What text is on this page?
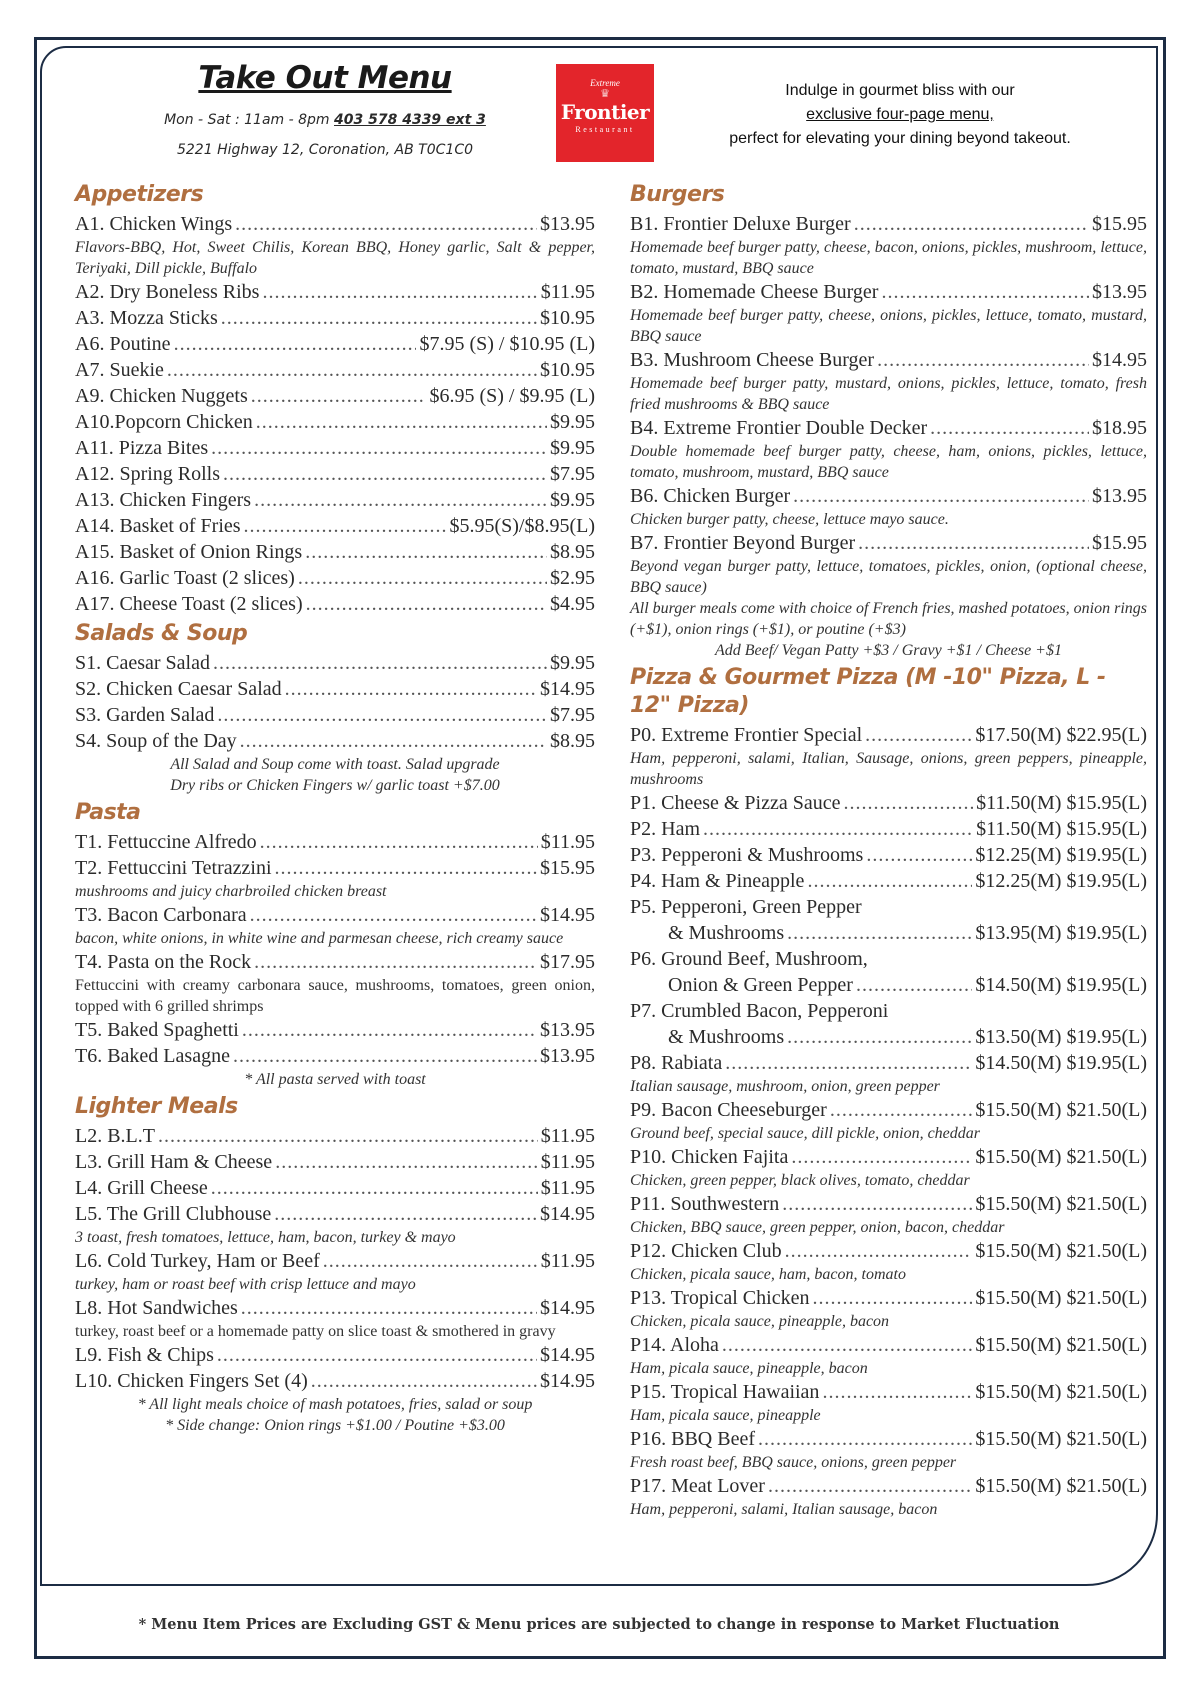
Take Out Menu
Mon - Sat : 11am - 8pm 403 578 4339 ext 3
5221 Highway 12, Coronation, AB T0C1C0
Extreme
♛
Frontier
Restaurant
Indulge in gourmet bliss with our
exclusive four-page menu,
perfect for elevating your dining beyond takeout.
Appetizers
A1. Chicken Wings .....	$13.95
Flavors-BBQ, Hot, Sweet Chilis, Korean BBQ, Honey garlic, Salt & pepper, Teriyaki, Dill pickle, Buffalo
A2. Dry Boneless Ribs .....	$11.95
A3. Mozza Sticks .....	$10.95
A6. Poutine .....	$7.95 (S) / $10.95 (L)
A7. Suekie .....	$10.95
A9. Chicken Nuggets .....	$6.95 (S) / $9.95 (L)
A10.Popcorn Chicken .....	$9.95
A11. Pizza Bites .....	$9.95
A12. Spring Rolls .....	$7.95
A13. Chicken Fingers .....	$9.95
A14. Basket of Fries .....	$5.95(S)/$8.95(L)
A15. Basket of Onion Rings .....	$8.95
A16. Garlic Toast (2 slices) .....	$2.95
A17. Cheese Toast (2 slices) .....	$4.95
Salads & Soup
S1. Caesar Salad .....	$9.95
S2. Chicken Caesar Salad .....	$14.95
S3. Garden Salad .....	$7.95
S4. Soup of the Day .....	$8.95
All Salad and Soup come with toast. Salad upgrade
Dry ribs or Chicken Fingers w/ garlic toast +$7.00
Pasta
T1. Fettuccine Alfredo .....	$11.95
T2. Fettuccini Tetrazzini .....	$15.95
mushrooms and juicy charbroiled chicken breast
T3. Bacon Carbonara .....	$14.95
bacon, white onions, in white wine and parmesan cheese, rich creamy sauce
T4. Pasta on the Rock .....	$17.95
Fettuccini with creamy carbonara sauce, mushrooms, tomatoes, green onion, topped with 6 grilled shrimps
T5. Baked Spaghetti .....	$13.95
T6. Baked Lasagne .....	$13.95
* All pasta served with toast
Lighter Meals
L2. B.L.T .....	$11.95
L3. Grill Ham & Cheese .....	$11.95
L4. Grill Cheese .....	$11.95
L5. The Grill Clubhouse .....	$14.95
3 toast, fresh tomatoes, lettuce, ham, bacon, turkey & mayo
L6. Cold Turkey, Ham or Beef .....	$11.95
turkey, ham or roast beef with crisp lettuce and mayo
L8. Hot Sandwiches .....	$14.95
turkey, roast beef or a homemade patty on slice toast & smothered in gravy
L9. Fish & Chips .....	$14.95
L10. Chicken Fingers Set (4) .....	$14.95
* All light meals choice of mash potatoes, fries, salad or soup
* Side change: Onion rings +$1.00 / Poutine +$3.00
Burgers
B1. Frontier Deluxe Burger .....	$15.95
Homemade beef burger patty, cheese, bacon, onions, pickles, mushroom, lettuce, tomato, mustard, BBQ sauce
B2. Homemade Cheese Burger .....	$13.95
Homemade beef burger patty, cheese, onions, pickles, lettuce, tomato, mustard, BBQ sauce
B3. Mushroom Cheese Burger .....	$14.95
Homemade beef burger patty, mustard, onions, pickles, lettuce, tomato, fresh fried mushrooms & BBQ sauce
B4. Extreme Frontier Double Decker .....	$18.95
Double homemade beef burger patty, cheese, ham, onions, pickles, lettuce, tomato, mushroom, mustard, BBQ sauce
B6. Chicken Burger .....	$13.95
Chicken burger patty, cheese, lettuce mayo sauce.
B7. Frontier Beyond Burger .....	$15.95
Beyond vegan burger patty, lettuce, tomatoes, pickles, onion, (optional cheese, BBQ sauce)
All burger meals come with choice of French fries, mashed potatoes, onion rings (+$1), onion rings (+$1), or poutine (+$3)
Add Beef/ Vegan Patty +$3 / Gravy +$1 / Cheese +$1
Pizza & Gourmet Pizza (M -10" Pizza, L - 12" Pizza)
P0. Extreme Frontier Special .....	$17.50(M) $22.95(L)
Ham, pepperoni, salami, Italian, Sausage, onions, green peppers, pineapple, mushrooms
P1. Cheese & Pizza Sauce .....	$11.50(M) $15.95(L)
P2. Ham .....	$11.50(M) $15.95(L)
P3. Pepperoni & Mushrooms .....	$12.25(M) $19.95(L)
P4. Ham & Pineapple .....	$12.25(M) $19.95(L)
P5. Pepperoni, Green Pepper
& Mushrooms .....	$13.95(M) $19.95(L)
P6. Ground Beef, Mushroom,
Onion & Green Pepper .....	$14.50(M) $19.95(L)
P7. Crumbled Bacon, Pepperoni
& Mushrooms .....	$13.50(M) $19.95(L)
P8. Rabiata .....	$14.50(M) $19.95(L)
Italian sausage, mushroom, onion, green pepper
P9. Bacon Cheeseburger .....	$15.50(M) $21.50(L)
Ground beef, special sauce, dill pickle, onion, cheddar
P10. Chicken Fajita .....	$15.50(M) $21.50(L)
Chicken, green pepper, black olives, tomato, cheddar
P11. Southwestern .....	$15.50(M) $21.50(L)
Chicken, BBQ sauce, green pepper, onion, bacon, cheddar
P12. Chicken Club .....	$15.50(M) $21.50(L)
Chicken, picala sauce, ham, bacon, tomato
P13. Tropical Chicken .....	$15.50(M) $21.50(L)
Chicken, picala sauce, pineapple, bacon
P14. Aloha .....	$15.50(M) $21.50(L)
Ham, picala sauce, pineapple, bacon
P15. Tropical Hawaiian .....	$15.50(M) $21.50(L)
Ham, picala sauce, pineapple
P16. BBQ Beef .....	$15.50(M) $21.50(L)
Fresh roast beef, BBQ sauce, onions, green pepper
P17. Meat Lover .....	$15.50(M) $21.50(L)
Ham, pepperoni, salami, Italian sausage, bacon
* Menu Item Prices are Excluding GST & Menu prices are subjected to change in response to Market Fluctuation
